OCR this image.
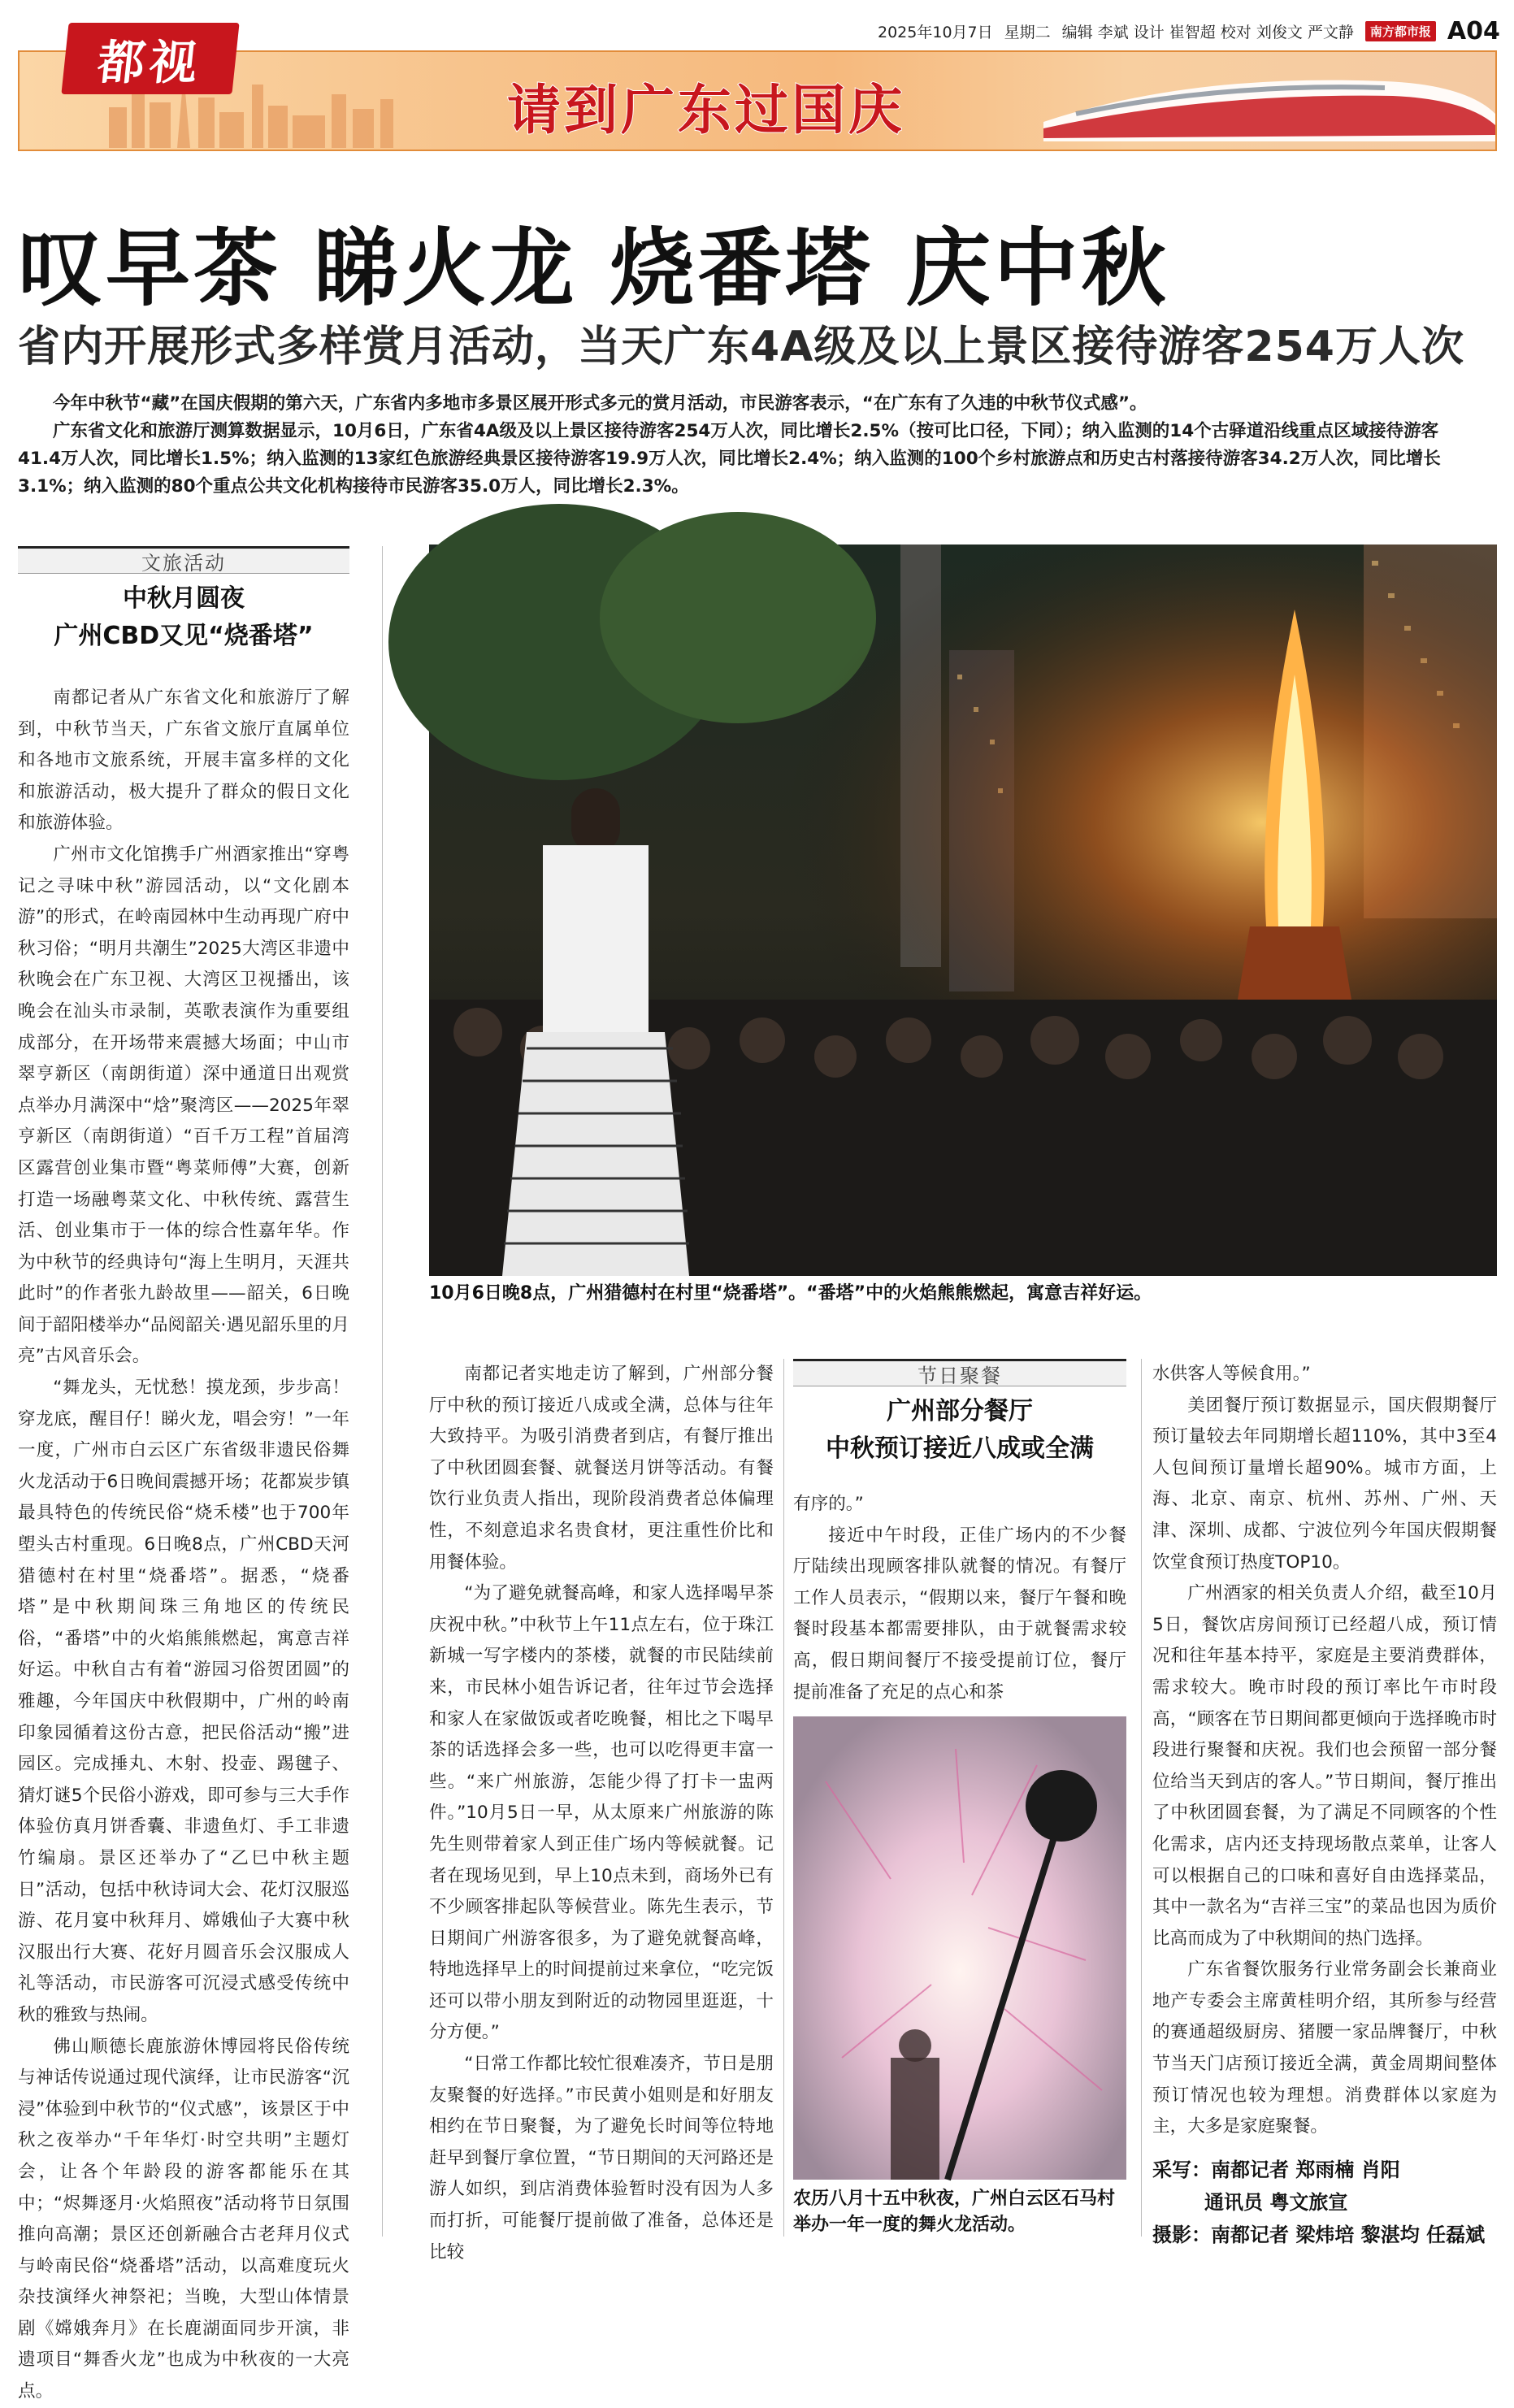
2025年10月7日 星期二 编辑 李斌 设计 崔智超 校对 刘俊文 严文静	南方都市报 A04
请到广东过国庆
都视
叹早茶 睇火龙 烧番塔 庆中秋
省内开展形式多样赏月活动，当天广东4A级及以上景区接待游客254万人次

今年中秋节“藏”在国庆假期的第六天，广东省内多地市多景区展开形式多元的赏月活动，市民游客表示，“在广东有了久违的中秋节仪式感”。

广东省文化和旅游厅测算数据显示，10月6日，广东省4A级及以上景区接待游客254万人次，同比增长2.5%（按可比口径，下同）；纳入监测的14个古驿道沿线重点区域接待游客41.4万人次，同比增长1.5%；纳入监测的13家红色旅游经典景区接待游客19.9万人次，同比增长2.4%；纳入监测的100个乡村旅游点和历史古村落接待游客34.2万人次，同比增长3.1%；纳入监测的80个重点公共文化机构接待市民游客35.0万人，同比增长2.3%。

文旅活动
中秋月圆夜
广州CBD又见“烧番塔”

南都记者从广东省文化和旅游厅了解到，中秋节当天，广东省文旅厅直属单位和各地市文旅系统，开展丰富多样的文化和旅游活动，极大提升了群众的假日文化和旅游体验。

广州市文化馆携手广州酒家推出“穿粤记之寻味中秋”游园活动，以“文化剧本游”的形式，在岭南园林中生动再现广府中秋习俗；“明月共潮生”2025大湾区非遗中秋晚会在广东卫视、大湾区卫视播出，该晚会在汕头市录制，英歌表演作为重要组成部分，在开场带来震撼大场面；中山市翠亨新区（南朗街道）深中通道日出观赏点举办月满深中“焓”聚湾区——2025年翠亨新区（南朗街道）“百千万工程”首届湾区露营创业集市暨“粤菜师傅”大赛，创新打造一场融粤菜文化、中秋传统、露营生活、创业集市于一体的综合性嘉年华。作为中秋节的经典诗句“海上生明月，天涯共此时”的作者张九龄故里——韶关，6日晚间于韶阳楼举办“品阅韶关·遇见韶乐里的月亮”古风音乐会。

“舞龙头，无忧愁！摸龙颈，步步高！穿龙底，醒目仔！睇火龙，唱会穷！”一年一度，广州市白云区广东省级非遗民俗舞火龙活动于6日晚间震撼开场；花都炭步镇最具特色的传统民俗“烧禾楼”也于700年塱头古村重现。6日晚8点，广州CBD天河猎德村在村里“烧番塔”。据悉，“烧番塔”是中秋期间珠三角地区的传统民俗，“番塔”中的火焰熊熊燃起，寓意吉祥好运。中秋自古有着“游园习俗贺团圆”的雅趣，今年国庆中秋假期中，广州的岭南印象园循着这份古意，把民俗活动“搬”进园区。完成捶丸、木射、投壶、踢毽子、猜灯谜5个民俗小游戏，即可参与三大手作体验仿真月饼香囊、非遗鱼灯、手工非遗竹编扇。景区还举办了“乙巳中秋主题日”活动，包括中秋诗词大会、花灯汉服巡游、花月宴中秋拜月、嫦娥仙子大赛中秋汉服出行大赛、花好月圆音乐会汉服成人礼等活动，市民游客可沉浸式感受传统中秋的雅致与热闹。

佛山顺德长鹿旅游休博园将民俗传统与神话传说通过现代演绎，让市民游客“沉浸”体验到中秋节的“仪式感”，该景区于中秋之夜举办“千年华灯·时空共明”主题灯会，让各个年龄段的游客都能乐在其中；“烬舞逐月·火焰照夜”活动将节日氛围推向高潮；景区还创新融合古老拜月仪式与岭南民俗“烧番塔”活动，以高难度玩火杂技演绎火神祭祀；当晚，大型山体情景剧《嫦娥奔月》在长鹿湖面同步开演，非遗项目“舞香火龙”也成为中秋夜的一大亮点。

10月6日晚8点，广州猎德村在村里“烧番塔”。“番塔”中的火焰熊熊燃起，寓意吉祥好运。

南都记者实地走访了解到，广州部分餐厅中秋的预订接近八成或全满，总体与往年大致持平。为吸引消费者到店，有餐厅推出了中秋团圆套餐、就餐送月饼等活动。有餐饮行业负责人指出，现阶段消费者总体偏理性，不刻意追求名贵食材，更注重性价比和用餐体验。

“为了避免就餐高峰，和家人选择喝早茶庆祝中秋。”中秋节上午11点左右，位于珠江新城一写字楼内的茶楼，就餐的市民陆续前来，市民林小姐告诉记者，往年过节会选择和家人在家做饭或者吃晚餐，相比之下喝早茶的话选择会多一些，也可以吃得更丰富一些。“来广州旅游，怎能少得了打卡一盅两件。”10月5日一早，从太原来广州旅游的陈先生则带着家人到正佳广场内等候就餐。记者在现场见到，早上10点未到，商场外已有不少顾客排起队等候营业。陈先生表示，节日期间广州游客很多，为了避免就餐高峰，特地选择早上的时间提前过来拿位，“吃完饭还可以带小朋友到附近的动物园里逛逛，十分方便。”

“日常工作都比较忙很难凑齐，节日是朋友聚餐的好选择。”市民黄小姐则是和好朋友相约在节日聚餐，为了避免长时间等位特地赶早到餐厅拿位置，“节日期间的天河路还是游人如织，到店消费体验暂时没有因为人多而打折，可能餐厅提前做了准备，总体还是比较

节日聚餐
广州部分餐厅
中秋预订接近八成或全满

有序的。”

接近中午时段，正佳广场内的不少餐厅陆续出现顾客排队就餐的情况。有餐厅工作人员表示，“假期以来，餐厅午餐和晚餐时段基本都需要排队，由于就餐需求较高，假日期间餐厅不接受提前订位，餐厅提前准备了充足的点心和茶

农历八月十五中秋夜，广州白云区石马村举办一年一度的舞火龙活动。

水供客人等候食用。”

美团餐厅预订数据显示，国庆假期餐厅预订量较去年同期增长超110%，其中3至4人包间预订量增长超90%。城市方面，上海、北京、南京、杭州、苏州、广州、天津、深圳、成都、宁波位列今年国庆假期餐饮堂食预订热度TOP10。

广州酒家的相关负责人介绍，截至10月5日，餐饮店房间预订已经超八成，预订情况和往年基本持平，家庭是主要消费群体，需求较大。晚市时段的预订率比午市时段高，“顾客在节日期间都更倾向于选择晚市时段进行聚餐和庆祝。我们也会预留一部分餐位给当天到店的客人。”节日期间，餐厅推出了中秋团圆套餐，为了满足不同顾客的个性化需求，店内还支持现场散点菜单，让客人可以根据自己的口味和喜好自由选择菜品，其中一款名为“吉祥三宝”的菜品也因为质价比高而成为了中秋期间的热门选择。

广东省餐饮服务行业常务副会长兼商业地产专委会主席黄桂明介绍，其所参与经营的赛通超级厨房、猪腰一家品牌餐厅，中秋节当天门店预订接近全满，黄金周期间整体预订情况也较为理想。消费群体以家庭为主，大多是家庭聚餐。

采写：南都记者 郑雨楠 肖阳
通讯员 粤文旅宣
摄影：南都记者 梁炜培 黎湛均 任磊斌
